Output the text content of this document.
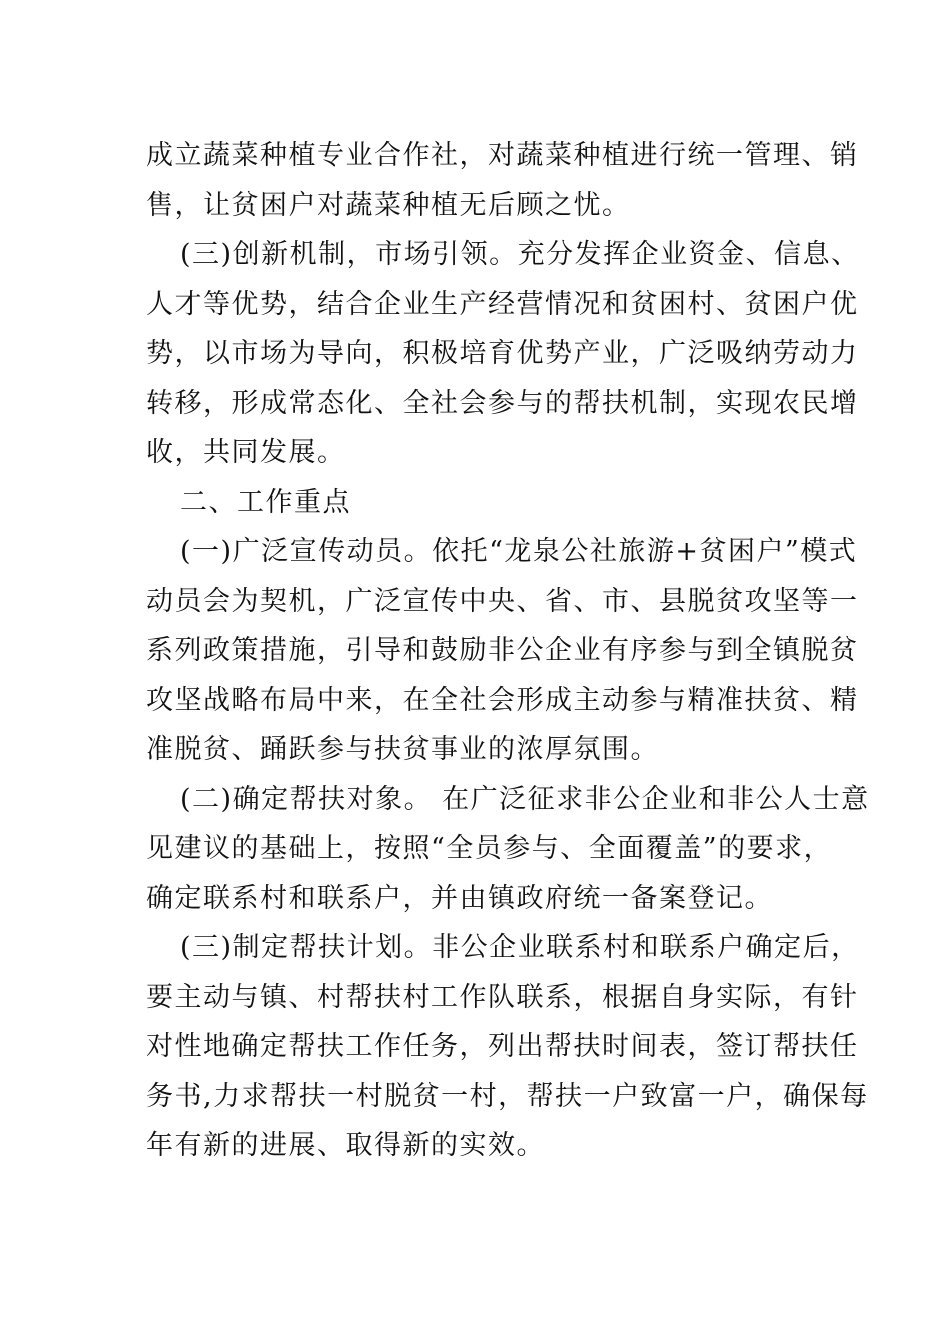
成立蔬菜种植专业合作社，对蔬菜种植进行统一管理、销
售，让贫困户对蔬菜种植无后顾之忧。
(三)创新机制，市场引领。充分发挥企业资金、信息、
人才等优势，结合企业生产经营情况和贫困村、贫困户优
势，以市场为导向，积极培育优势产业，广泛吸纳劳动力
转移，形成常态化、全社会参与的帮扶机制，实现农民增
收，共同发展。
二、工作重点
(一)广泛宣传动员。依托“龙泉公社旅游+贫困户”模式
动员会为契机，广泛宣传中央、省、市、县脱贫攻坚等一
系列政策措施，引导和鼓励非公企业有序参与到全镇脱贫
攻坚战略布局中来，在全社会形成主动参与精准扶贫、精
准脱贫、踊跃参与扶贫事业的浓厚氛围。
(二)确定帮扶对象。 在广泛征求非公企业和非公人士意
见建议的基础上，按照“全员参与、全面覆盖”的要求，
确定联系村和联系户，并由镇政府统一备案登记。
(三)制定帮扶计划。非公企业联系村和联系户确定后，
要主动与镇、村帮扶村工作队联系，根据自身实际，有针
对性地确定帮扶工作任务，列出帮扶时间表，签订帮扶任
务书,力求帮扶一村脱贫一村，帮扶一户致富一户，确保每
年有新的进展、取得新的实效。
